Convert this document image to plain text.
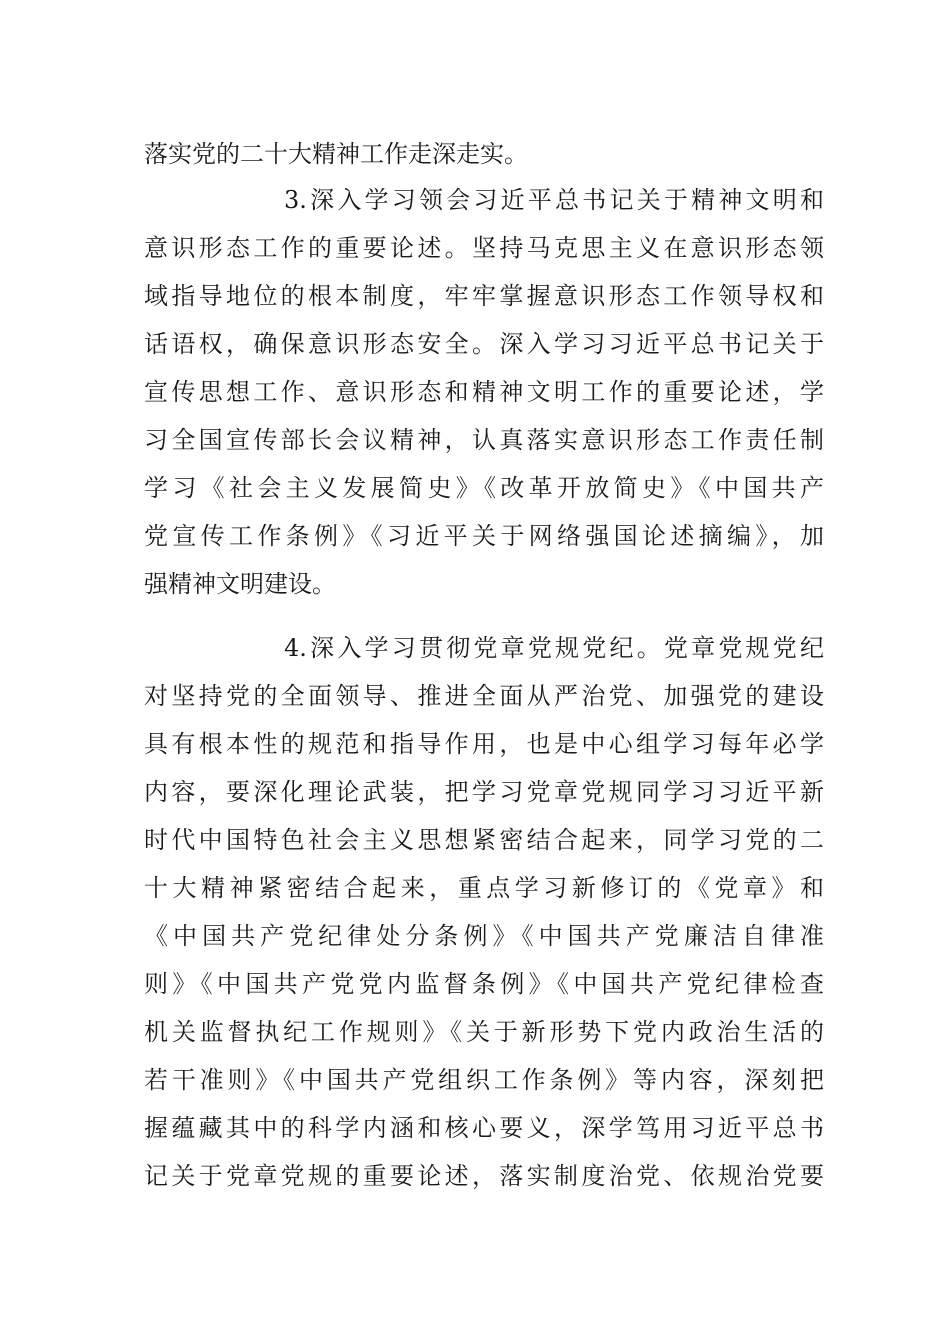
落实党的二十大精神工作走深走实。
3.深入学习领会习近平总书记关于精神文明和
意识形态工作的重要论述。坚持马克思主义在意识形态领
域指导地位的根本制度，牢牢掌握意识形态工作领导权和
话语权，确保意识形态安全。深入学习习近平总书记关于
宣传思想工作、意识形态和精神文明工作的重要论述，学
习全国宣传部长会议精神，认真落实意识形态工作责任制
学习《社会主义发展简史》《改革开放简史》《中国共产
党宣传工作条例》《习近平关于网络强国论述摘编》，加
强精神文明建设。
4.深入学习贯彻党章党规党纪。党章党规党纪
对坚持党的全面领导、推进全面从严治党、加强党的建设
具有根本性的规范和指导作用，也是中心组学习每年必学
内容，要深化理论武装，把学习党章党规同学习习近平新
时代中国特色社会主义思想紧密结合起来，同学习党的二
十大精神紧密结合起来，重点学习新修订的《党章》和
《中国共产党纪律处分条例》《中国共产党廉洁自律准
则》《中国共产党党内监督条例》《中国共产党纪律检查
机关监督执纪工作规则》《关于新形势下党内政治生活的
若干准则》《中国共产党组织工作条例》等内容，深刻把
握蕴藏其中的科学内涵和核心要义，深学笃用习近平总书
记关于党章党规的重要论述，落实制度治党、依规治党要
